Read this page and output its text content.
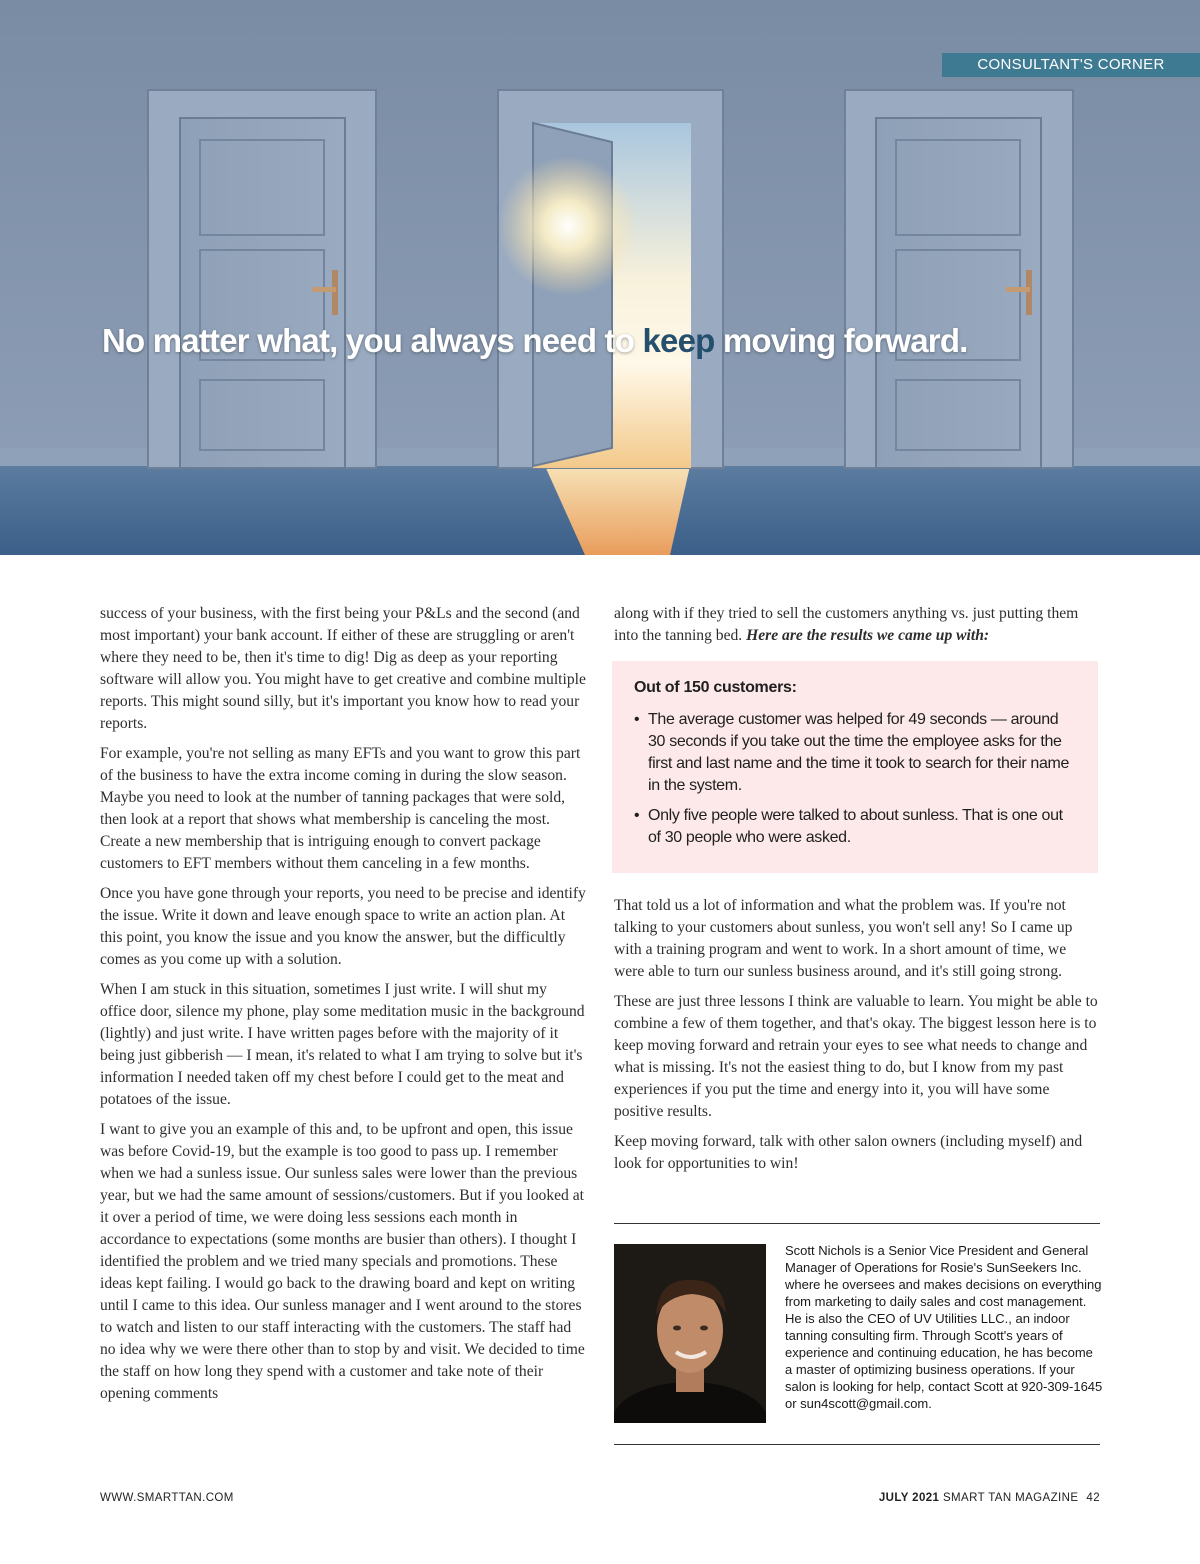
CONSULTANT'S CORNER
No matter what, you always need to keep moving forward.

success of your business, with the first being your P&Ls and the second (and most important) your bank account. If either of these are struggling or aren't where they need to be, then it's time to dig! Dig as deep as your reporting software will allow you. You might have to get creative and combine multiple reports. This might sound silly, but it's important you know how to read your reports.

For example, you're not selling as many EFTs and you want to grow this part of the business to have the extra income coming in during the slow season. Maybe you need to look at the number of tanning packages that were sold, then look at a report that shows what membership is canceling the most. Create a new membership that is intriguing enough to convert package customers to EFT members without them canceling in a few months.

Once you have gone through your reports, you need to be precise and identify the issue. Write it down and leave enough space to write an action plan. At this point, you know the issue and you know the answer, but the difficultly comes as you come up with a solution.

When I am stuck in this situation, sometimes I just write. I will shut my office door, silence my phone, play some meditation music in the background (lightly) and just write. I have written pages before with the majority of it being just gibberish — I mean, it's related to what I am trying to solve but it's information I needed taken off my chest before I could get to the meat and potatoes of the issue.

I want to give you an example of this and, to be upfront and open, this issue was before Covid-19, but the example is too good to pass up. I remember when we had a sunless issue. Our sunless sales were lower than the previous year, but we had the same amount of sessions/customers. But if you looked at it over a period of time, we were doing less sessions each month in accordance to expectations (some months are busier than others). I thought I identified the problem and we tried many specials and promotions. These ideas kept failing. I would go back to the drawing board and kept on writing until I came to this idea. Our sunless manager and I went around to the stores to watch and listen to our staff interacting with the customers. The staff had no idea why we were there other than to stop by and visit. We decided to time the staff on how long they spend with a customer and take note of their opening comments

along with if they tried to sell the customers anything vs. just putting them into the tanning bed. Here are the results we came up with:

Out of 150 customers:
• The average customer was helped for 49 seconds — around 30 seconds if you take out the time the employee asks for the first and last name and the time it took to search for their name in the system.
• Only five people were talked to about sunless. That is one out of 30 people who were asked.

That told us a lot of information and what the problem was. If you're not talking to your customers about sunless, you won't sell any! So I came up with a training program and went to work. In a short amount of time, we were able to turn our sunless business around, and it's still going strong.

These are just three lessons I think are valuable to learn. You might be able to combine a few of them together, and that's okay. The biggest lesson here is to keep moving forward and retrain your eyes to see what needs to change and what is missing. It's not the easiest thing to do, but I know from my past experiences if you put the time and energy into it, you will have some positive results.

Keep moving forward, talk with other salon owners (including myself) and look for opportunities to win!

Scott Nichols is a Senior Vice President and General Manager of Operations for Rosie's SunSeekers Inc. where he oversees and makes decisions on everything from marketing to daily sales and cost management. He is also the CEO of UV Utilities LLC., an indoor tanning consulting firm. Through Scott's years of experience and continuing education, he has become a master of optimizing business operations. If your salon is looking for help, contact Scott at 920-309-1645 or sun4scott@gmail.com.
WWW.SMARTTAN.COM	JULY 2021 SMART TAN MAGAZINE 42
